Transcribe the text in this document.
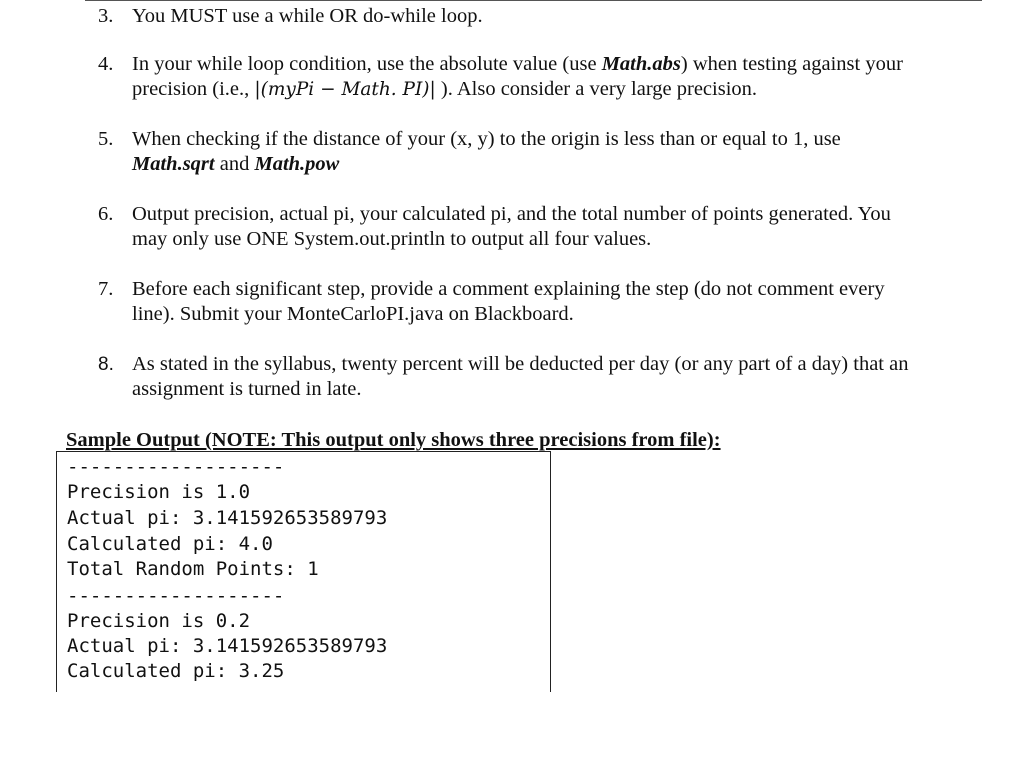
3. You MUST use a while OR do-while loop.
4. In your while loop condition, use the absolute value (use Math.abs) when testing against your
precision (i.e., |(myPi − Math. PI)| ). Also consider a very large precision.
5. When checking if the distance of your (x, y) to the origin is less than or equal to 1, use
Math.sqrt and Math.pow
6. Output precision, actual pi, your calculated pi, and the total number of points generated. You
may only use ONE System.out.println to output all four values.
7. Before each significant step, provide a comment explaining the step (do not comment every
line). Submit your MonteCarloPI.java on Blackboard.
8. As stated in the syllabus, twenty percent will be deducted per day (or any part of a day) that an
assignment is turned in late.
Sample Output (NOTE: This output only shows three precisions from file):
-------------------
Precision is 1.0
Actual pi: 3.141592653589793
Calculated pi: 4.0
Total Random Points: 1
-------------------
Precision is 0.2
Actual pi: 3.141592653589793
Calculated pi: 3.25
